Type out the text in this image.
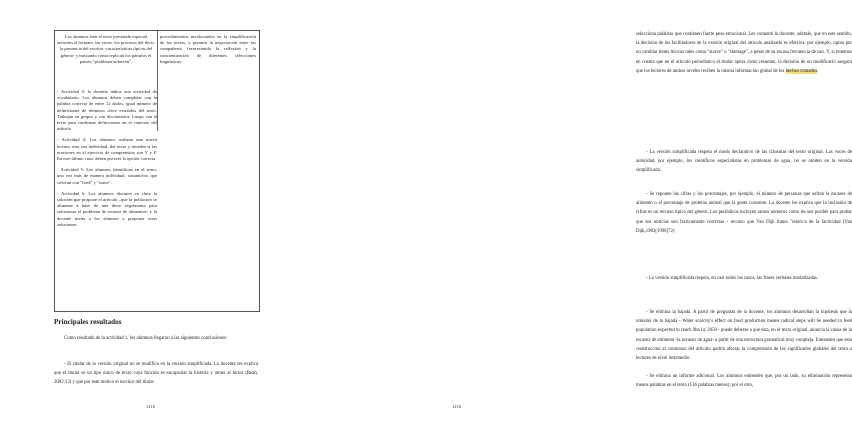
Los alumnos leen el texto prestando especial atención al formato: las voces, los procesos del decir, la presencia del escritor -características típicas del género- y buscando cómo replican los párrafos el patrón "problema-solución".
procedimientos involucrados en la simplificación de los textos, y permitir la negociación entre los compañeros favoreciendo la reflexión y la concientización de diferentes selecciones lingüísticas.

- Actividad 3: la docente indica una actividad de vocabulario. Los alumnos deben completar con la palabra correcta de entre 12 dados, igual número de definiciones de términos clave extraídos del texto. Trabajan en grupos y con diccionarios. Luego van al texto para confirmar definiciones en el contexto del artículo

- Actividad 4: Los alumnos realizan una nueva lectura, esta vez individual, del texto y deciden si las oraciones en el ejercicio de comprensión son V y F. En este último caso, deben proveer la opción correcta.

- Actividad 5: Los alumnos identifican en el texto, una vez más de manera individual, sustantivos que colocan con "food" y "water".

- Actividad 6: Los alumnos discuten en clase la solución que propone el artículo –que la población se alimente a base de una dieta vegetariana para solucionar el problema de escasez de alimentos- y la docente invita a los alumnos a proponer otras soluciones.

Principales resultados
Como resultado de la actividad 1, los alumnos llegaron a las siguientes conclusiones:
- El titular de la versión original no se modifica en la versión simplificada. La docente les explica que el titular es un tipo único de texto cuya función es encapsular la historia y atraer al lector (Reah, 2002:13) y que por este motivo el escritor del titular
1216
selecciona palabras que contienen fuerte peso emocional. Les comentó la docente, además, que en este sentido, la decisión de los facilitadores de la versión original del artículo analizado es efectiva: por ejemplo, optan por no cambiar ítems léxicos tales como "starve" o "shortage", a pesar de su escasa frecuencia de uso. Y, si tenemos en cuenta que en el artículo periodístico el titular opera como resumen, la decisión de no modificarlo asegura que los lectores de ambos niveles reciben la misma información global de los hechos contados.
- La versión simplificada respeta el modo declarativo de las cláusulas del texto original. Las voces de autoridad, por ejemplo, los científicos especialistas en problemas de agua, no se omiten en la versión simplificada.
- Se reponen las cifras y los porcentajes, por ejemplo, el número de personas que sufren la escasez de alimento o el porcentaje de proteína animal que la gente consume. La docente les explica que la inclusión de cifras es un recurso típico del género. Los periódicos incluyen tantos números como les sea posible para probar que sus noticias son fácticamente correctas - recurso que Van Dijk llama "retórica de la facticidad (Van Dijk,1983[1996]72)
- La versión simplificada respeta, en casi todos los casos, las frases verbales modalizadas.
- Se elimina la bajada. A partir de preguntas de la docente, los alumnos desarrollan la hipótesis que la omisión de la bajada - Water scarcity's effect on food production means radical steps will be needed to feed population expected to reach 9bn by 2050 - puede deberse a que ésta, en el texto original, anuncia la causa de la escasez de alimento -la escasez de agua- a partir de una estructura gramatical muy compleja. Entienden que esta construcción al comienzo del artículo podría afectar la comprensión de los significados globales del texto a lectores de nivel intermedio.
- Se elimina un informe adicional. Los alumnos entienden que, por un lado, su eliminación representa menos palabras en el texto (136 palabras menos); por el otro,
1216
